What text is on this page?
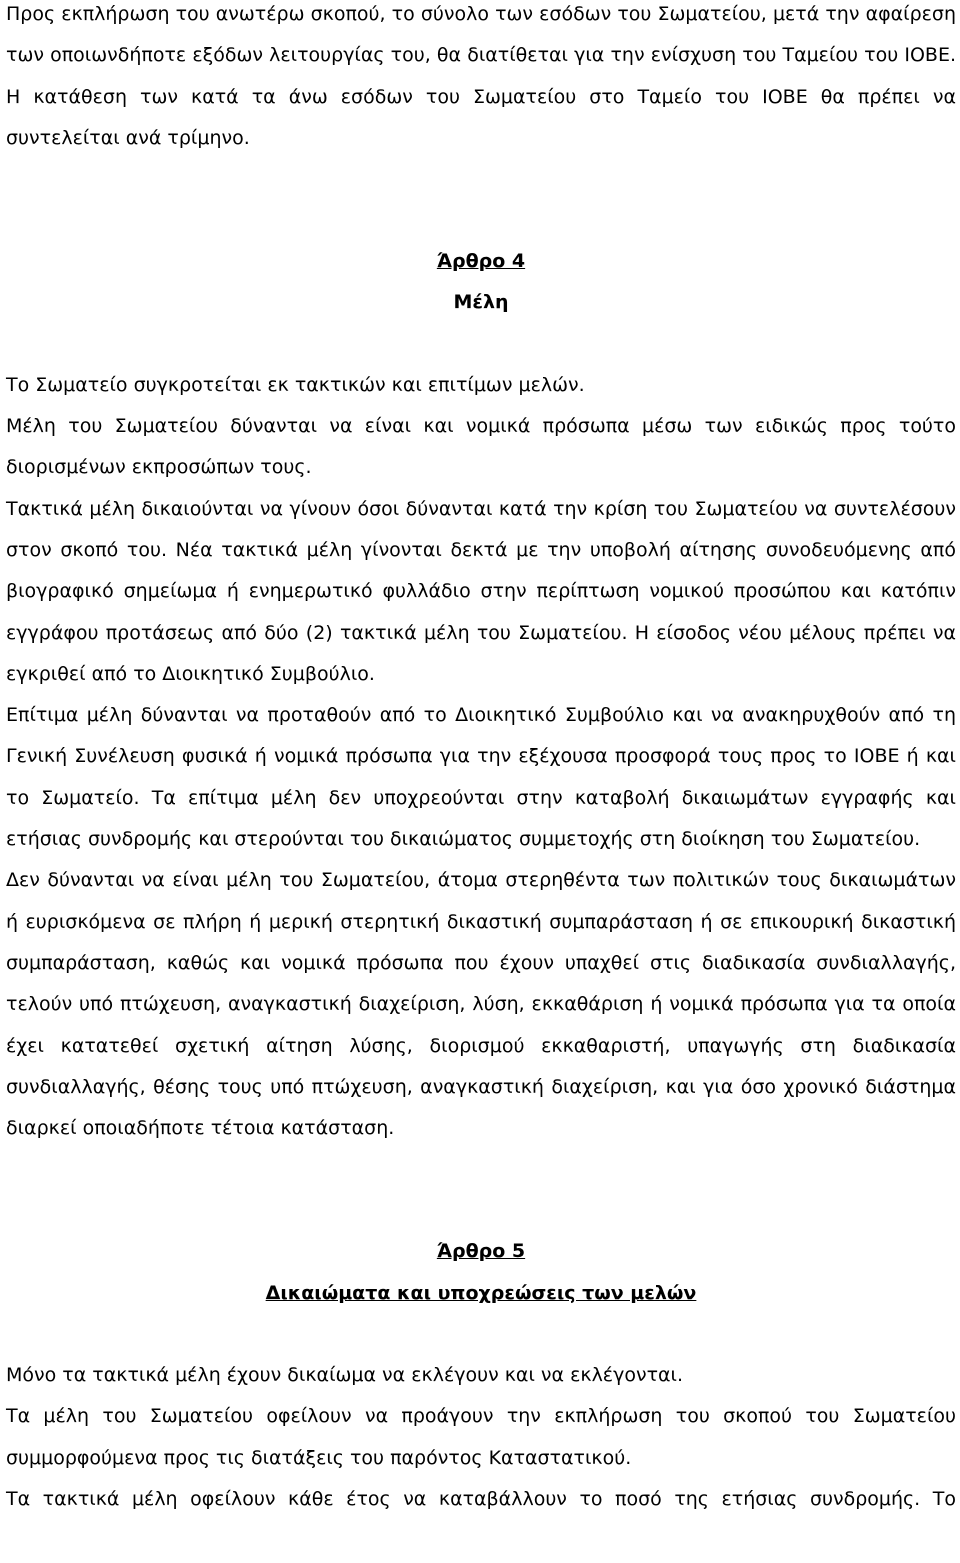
Προς εκπλήρωση του ανωτέρω σκοπού, το σύνολο των εσόδων του Σωματείου, μετά την αφαίρεση των οποιωνδήποτε εξόδων λειτουργίας του, θα διατίθεται για την ενίσχυση του Ταμείου του ΙΟΒΕ. Η κατάθεση των κατά τα άνω εσόδων του Σωματείου στο Ταμείο του ΙΟΒΕ θα πρέπει να συντελείται ανά τρίμηνο.

Άρθρο 4

Μέλη

Το Σωματείο συγκροτείται εκ τακτικών και επιτίμων μελών.

Μέλη του Σωματείου δύνανται να είναι και νομικά πρόσωπα μέσω των ειδικώς προς τούτο διορισμένων εκπροσώπων τους.

Τακτικά μέλη δικαιούνται να γίνουν όσοι δύνανται κατά την κρίση του Σωματείου να συντελέσουν στον σκοπό του. Νέα τακτικά μέλη γίνονται δεκτά με την υποβολή αίτησης συνοδευόμενης από βιογραφικό σημείωμα ή ενημερωτικό φυλλάδιο στην περίπτωση νομικού προσώπου και κατόπιν εγγράφου προτάσεως από δύο (2) τακτικά μέλη του Σωματείου. Η είσοδος νέου μέλους πρέπει να εγκριθεί από το Διοικητικό Συμβούλιο.

Επίτιμα μέλη δύνανται να προταθούν από το Διοικητικό Συμβούλιο και να ανακηρυχθούν από τη Γενική Συνέλευση φυσικά ή νομικά πρόσωπα για την εξέχουσα προσφορά τους προς το ΙΟΒΕ ή και το Σωματείο. Τα επίτιμα μέλη δεν υποχρεούνται στην καταβολή δικαιωμάτων εγγραφής και ετήσιας συνδρομής και στερούνται του δικαιώματος συμμετοχής στη διοίκηση του Σωματείου.

Δεν δύνανται να είναι μέλη του Σωματείου, άτομα στερηθέντα των πολιτικών τους δικαιωμάτων ή ευρισκόμενα σε πλήρη ή μερική στερητική δικαστική συμπαράσταση ή σε επικουρική δικαστική συμπαράσταση, καθώς και νομικά πρόσωπα που έχουν υπαχθεί στις διαδικασία συνδιαλλαγής, τελούν υπό πτώχευση, αναγκαστική διαχείριση, λύση, εκκαθάριση ή νομικά πρόσωπα για τα οποία έχει κατατεθεί σχετική αίτηση λύσης, διορισμού εκκαθαριστή, υπαγωγής στη διαδικασία συνδιαλλαγής, θέσης τους υπό πτώχευση, αναγκαστική διαχείριση, και για όσο χρονικό διάστημα διαρκεί οποιαδήποτε τέτοια κατάσταση.

Άρθρο 5

Δικαιώματα και υποχρεώσεις των μελών

Μόνο τα τακτικά μέλη έχουν δικαίωμα να εκλέγουν και να εκλέγονται.

Τα μέλη του Σωματείου οφείλουν να προάγουν την εκπλήρωση του σκοπού του Σωματείου συμμορφούμενα προς τις διατάξεις του παρόντος Καταστατικού.

Τα τακτικά μέλη οφείλουν κάθε έτος να καταβάλλουν το ποσό της ετήσιας συνδρομής. Το
